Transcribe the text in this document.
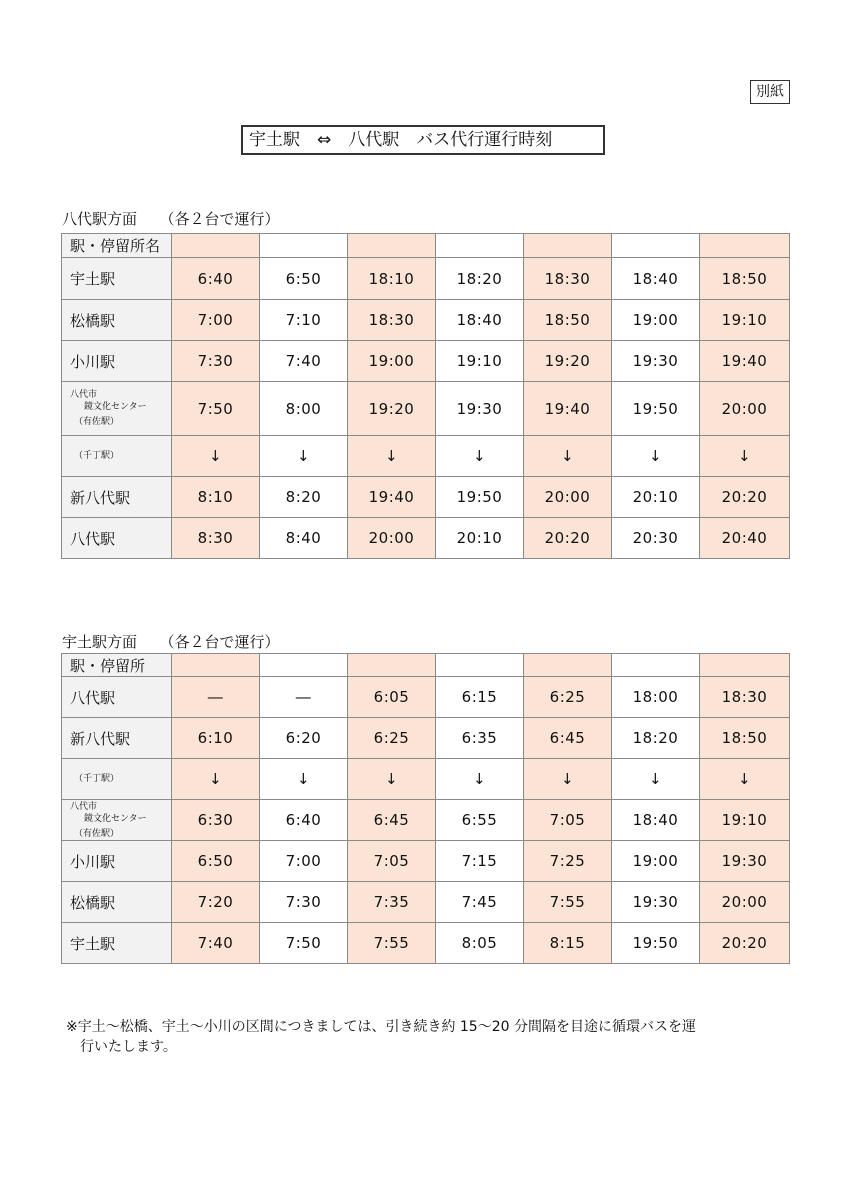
別紙
宇土駅　⇔　八代駅　バス代行運行時刻
八代駅方面　　（各２台で運行）
駅・停留所名							
宇土駅	6:40	6:50	18:10	18:20	18:30	18:40	18:50
松橋駅	7:00	7:10	18:30	18:40	18:50	19:00	19:10
小川駅	7:30	7:40	19:00	19:10	19:20	19:30	19:40

八代市
鏡文化センター
（有佐駅）	7:50	8:00	19:20	19:30	19:40	19:50	20:00

（千丁駅）	↓	↓	↓	↓	↓	↓	↓
新八代駅	8:10	8:20	19:40	19:50	20:00	20:10	20:20
八代駅	8:30	8:40	20:00	20:10	20:20	20:30	20:40
宇土駅方面　　（各２台で運行）
駅・停留所							
八代駅	―	―	6:05	6:15	6:25	18:00	18:30
新八代駅	6:10	6:20	6:25	6:35	6:45	18:20	18:50

（千丁駅）	↓	↓	↓	↓	↓	↓	↓

八代市
鏡文化センター
（有佐駅）	6:30	6:40	6:45	6:55	7:05	18:40	19:10
小川駅	6:50	7:00	7:05	7:15	7:25	19:00	19:30
松橋駅	7:20	7:30	7:35	7:45	7:55	19:30	20:00
宇土駅	7:40	7:50	7:55	8:05	8:15	19:50	20:20
※宇土～松橋、宇土～小川の区間につきましては、引き続き約 15～20 分間隔を目途に循環バスを運
行いたします。
